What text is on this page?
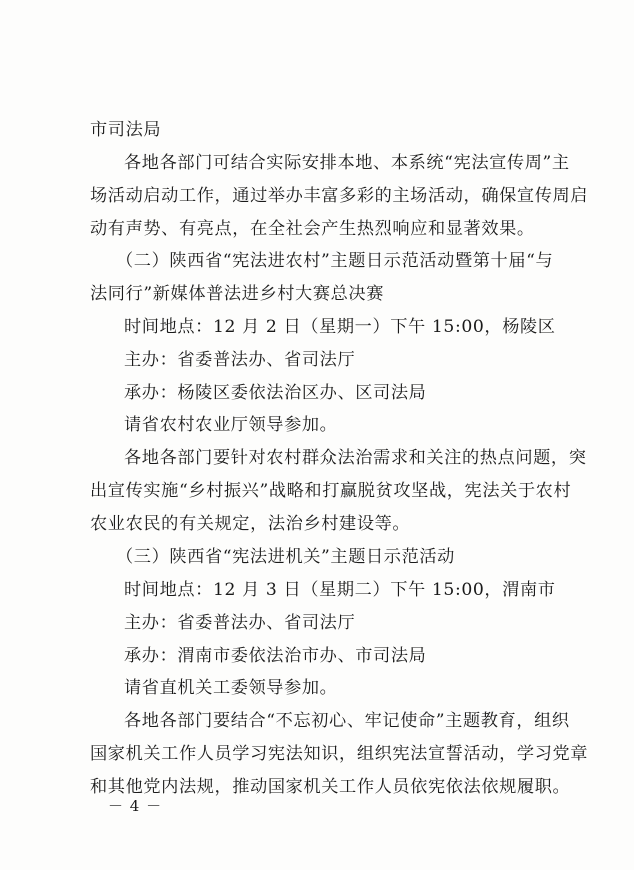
市司法局
各地各部门可结合实际安排本地、本系统“宪法宣传周”主
场活动启动工作，通过举办丰富多彩的主场活动，确保宣传周启
动有声势、有亮点，在全社会产生热烈响应和显著效果。
（二）陕西省“宪法进农村”主题日示范活动暨第十届“与
法同行”新媒体普法进乡村大赛总决赛
时间地点：12 月 2 日（星期一）下午 15:00，杨陵区
主办：省委普法办、省司法厅
承办：杨陵区委依法治区办、区司法局
请省农村农业厅领导参加。
各地各部门要针对农村群众法治需求和关注的热点问题，突
出宣传实施“乡村振兴”战略和打赢脱贫攻坚战，宪法关于农村
农业农民的有关规定，法治乡村建设等。
（三）陕西省“宪法进机关”主题日示范活动
时间地点：12 月 3 日（星期二）下午 15:00，渭南市
主办：省委普法办、省司法厅
承办：渭南市委依法治市办、市司法局
请省直机关工委领导参加。
各地各部门要结合“不忘初心、牢记使命”主题教育，组织
国家机关工作人员学习宪法知识，组织宪法宣誓活动，学习党章
和其他党内法规，推动国家机关工作人员依宪依法依规履职。
－ 4 －
